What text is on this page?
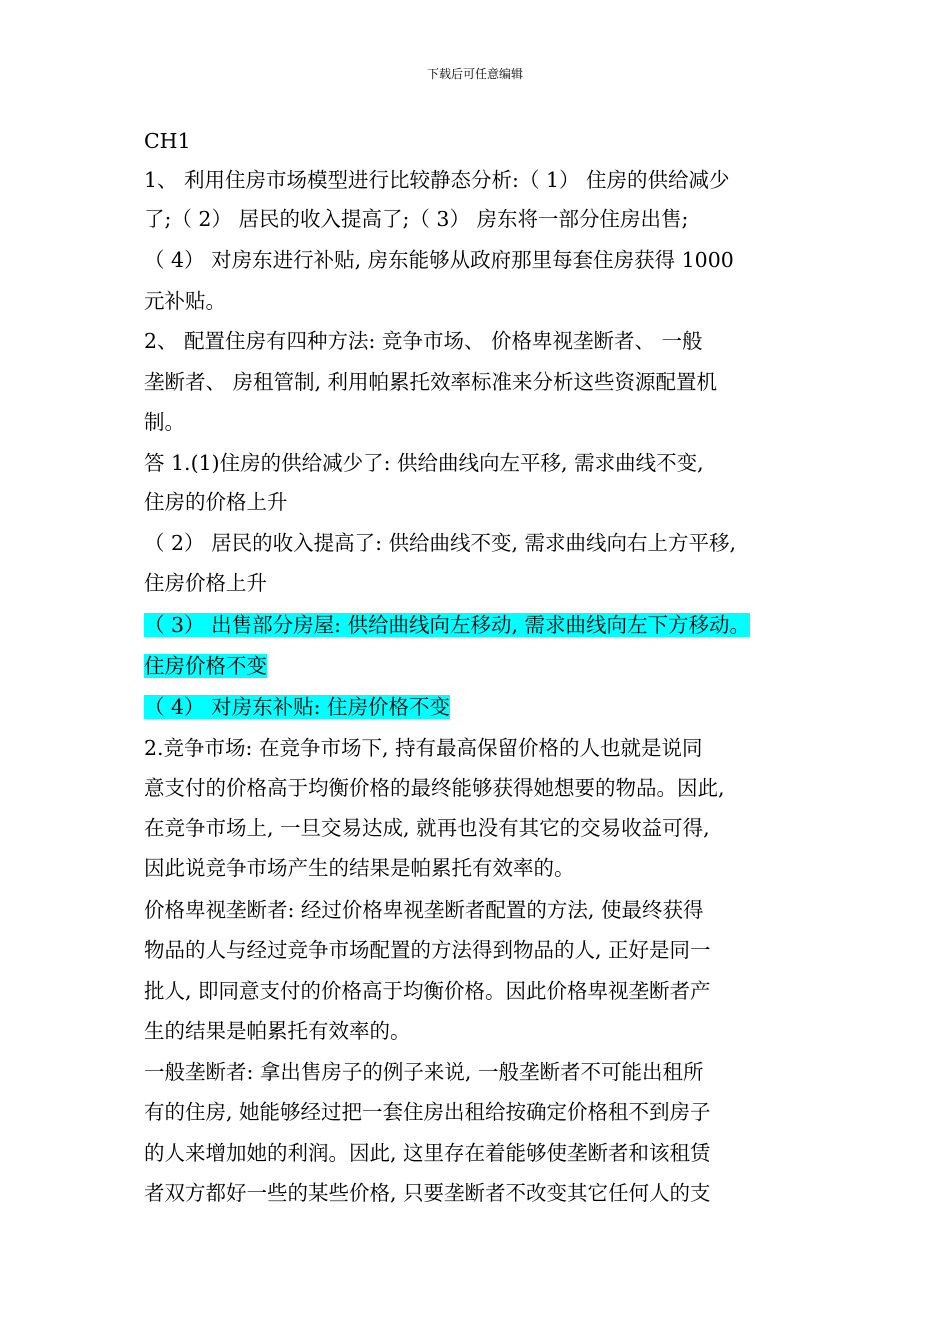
下载后可任意编辑
CH1
1、 利用住房市场模型进行比较静态分析:（ 1） 住房的供给减少
了;（ 2） 居民的收入提高了;（ 3） 房东将一部分住房出售;
（ 4） 对房东进行补贴, 房东能够从政府那里每套住房获得 1000
元补贴。
2、 配置住房有四种方法: 竞争市场、 价格卑视垄断者、 一般
垄断者、 房租管制, 利用帕累托效率标准来分析这些资源配置机
制。
答 1.(1)住房的供给减少了: 供给曲线向左平移, 需求曲线不变,
住房的价格上升
（ 2） 居民的收入提高了: 供给曲线不变, 需求曲线向右上方平移,
住房价格上升
（ 3） 出售部分房屋: 供给曲线向左移动, 需求曲线向左下方移动。
住房价格不变
（ 4） 对房东补贴: 住房价格不变
2.竞争市场: 在竞争市场下, 持有最高保留价格的人也就是说同
意支付的价格高于均衡价格的最终能够获得她想要的物品。因此,
在竞争市场上, 一旦交易达成, 就再也没有其它的交易收益可得,
因此说竞争市场产生的结果是帕累托有效率的。
价格卑视垄断者: 经过价格卑视垄断者配置的方法, 使最终获得
物品的人与经过竞争市场配置的方法得到物品的人, 正好是同一
批人, 即同意支付的价格高于均衡价格。因此价格卑视垄断者产
生的结果是帕累托有效率的。
一般垄断者: 拿出售房子的例子来说, 一般垄断者不可能出租所
有的住房, 她能够经过把一套住房出租给按确定价格租不到房子
的人来增加她的利润。因此, 这里存在着能够使垄断者和该租赁
者双方都好一些的某些价格, 只要垄断者不改变其它任何人的支
